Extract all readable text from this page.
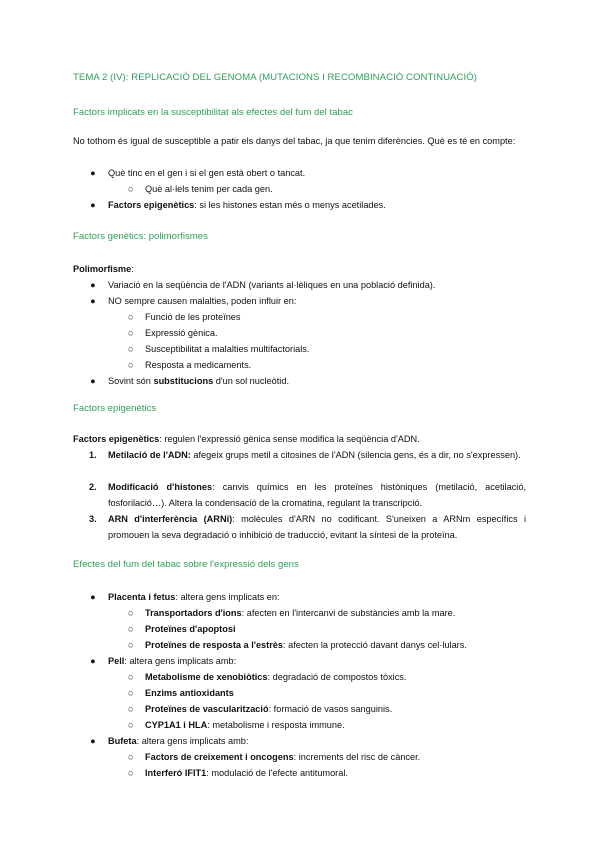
TEMA 2 (IV): REPLICACIÓ DEL GENOMA (MUTACIONS I RECOMBINACIÓ CONTINUACIÓ)
Factors implicats en la susceptibilitat als efectes del fum del tabac
No tothom és igual de susceptible a patir els danys del tabac, ja que tenim diferències. Què es té en compte:
● Què tinc en el gen i si el gen està obert o tancat.
○ Què al·lels tenim per cada gen.
● Factors epigenètics: si les histones estan més o menys acetilades.
Factors genètics: polimorfismes
Polimorfisme:
● Variació en la seqüència de l'ADN (variants al·lèliques en una població definida).
● NO sempre causen malalties, poden influir en:
○ Funció de les proteïnes
○ Expressió gènica.
○ Susceptibilitat a malalties multifactorials.
○ Resposta a medicaments.
● Sovint són substitucions d'un sol nucleòtid.
Factors epigenètics
Factors epigenètics: regulen l'expressió gènica sense modifica la seqüència d'ADN.
1. Metilació de l'ADN: afegeix grups metil a citosines de l'ADN (silencia gens, és a dir, no s'expressen).
2. Modificació d'histones: canvis químics en les proteïnes històniques (metilació, acetilació, fosforilació…). Altera la condensació de la cromatina, regulant la transcripció.
3. ARN d'interferència (ARNi): molècules d'ARN no codificant. S'uneixen a ARNm específics i promouen la seva degradació o inhibició de traducció, evitant la síntesi de la proteïna.
Efectes del fum del tabac sobre l'expressió dels gens
● Placenta i fetus: altera gens implicats en:
○ Transportadors d'ions: afecten en l'intercanvi de substàncies amb la mare.
○ Proteïnes d'apoptosi
○ Proteïnes de resposta a l'estrès: afecten la protecció davant danys cel·lulars.
● Pell: altera gens implicats amb:
○ Metabolisme de xenobiòtics: degradació de compostos tòxics.
○ Enzims antioxidants
○ Proteïnes de vascularització: formació de vasos sanguinis.
○ CYP1A1 i HLA: metabolisme i resposta immune.
● Bufeta: altera gens implicats amb:
○ Factors de creixement i oncogens: increments del risc de càncer.
○ Interferó IFIT1: modulació de l'efecte antitumoral.
